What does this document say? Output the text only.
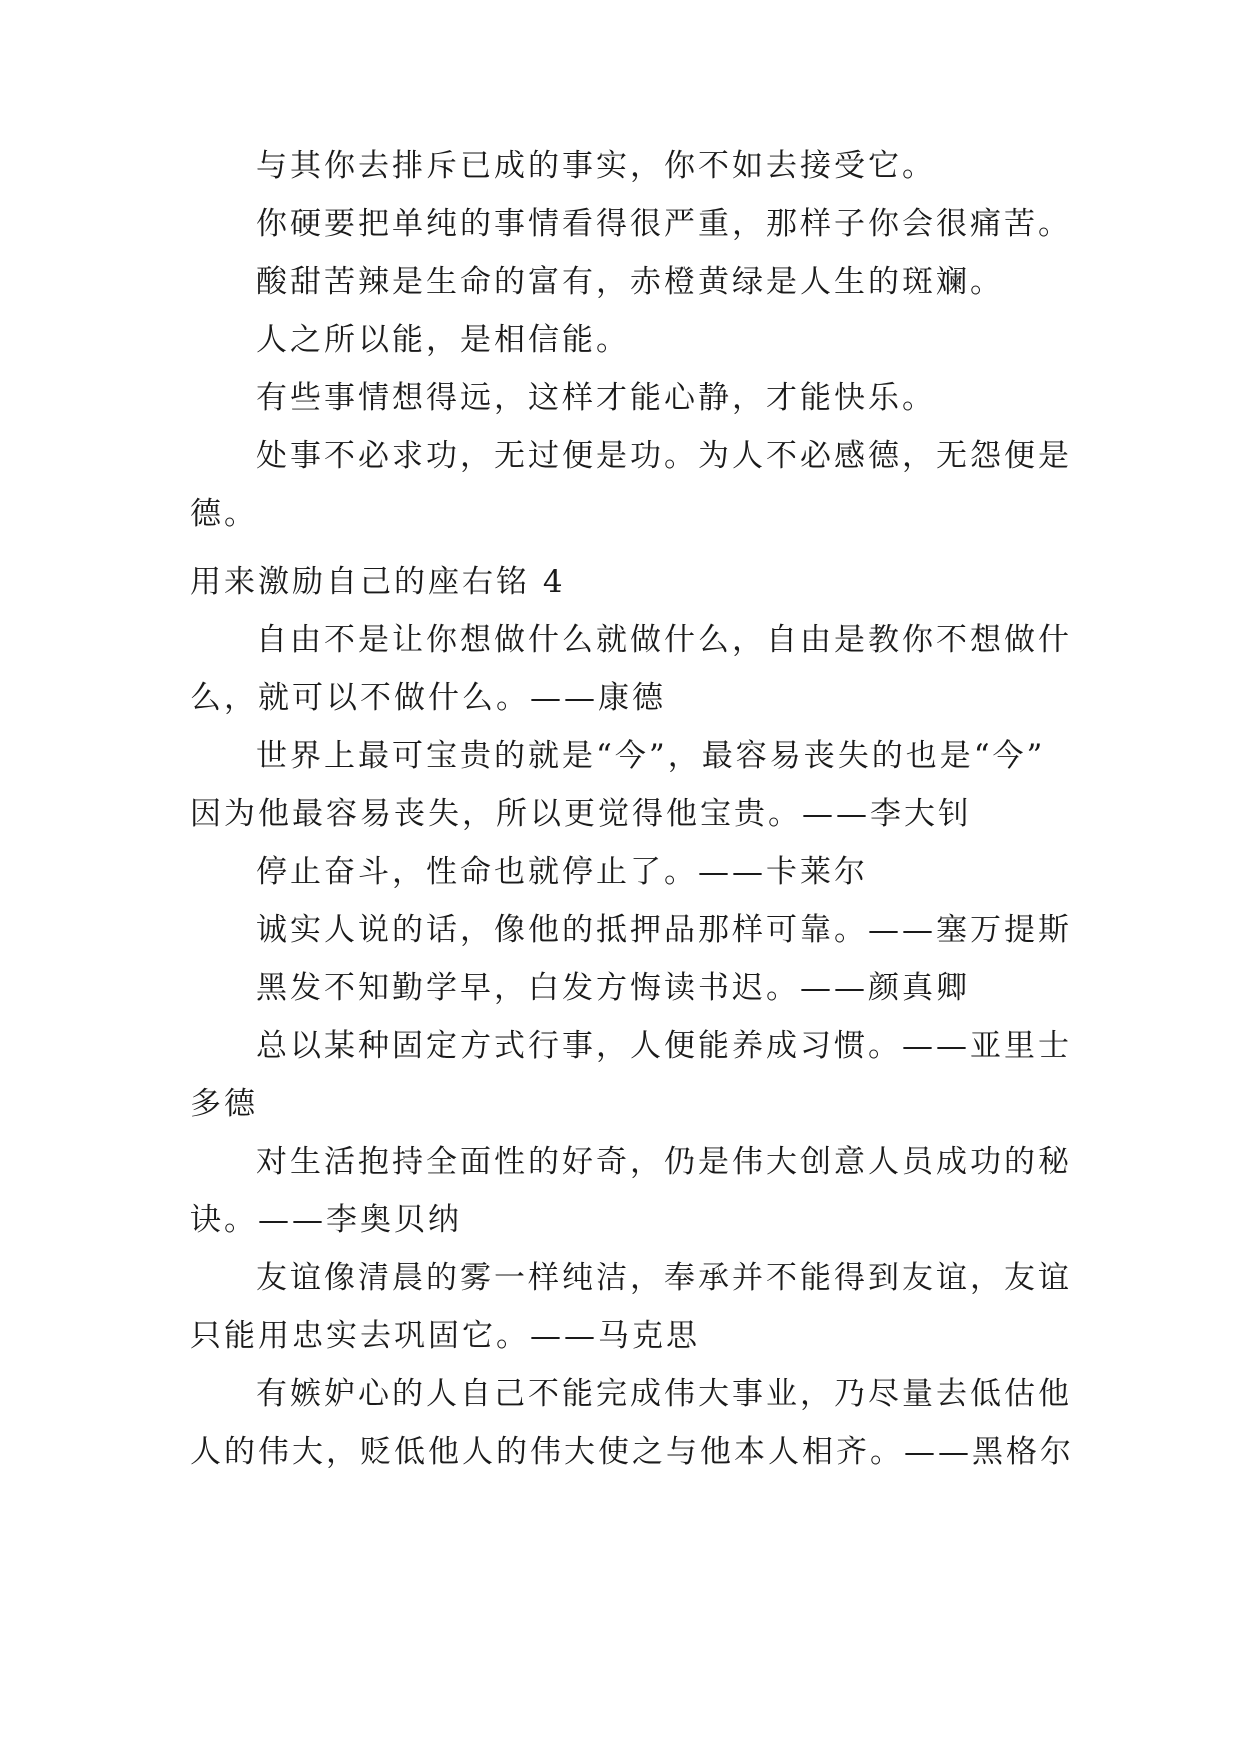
与其你去排斥已成的事实，你不如去接受它。
你硬要把单纯的事情看得很严重，那样子你会很痛苦。
酸甜苦辣是生命的富有，赤橙黄绿是人生的斑斓。
人之所以能，是相信能。
有些事情想得远，这样才能心静，才能快乐。
处事不必求功，无过便是功。为人不必感德，无怨便是
德。
用来激励自己的座右铭 4
自由不是让你想做什么就做什么，自由是教你不想做什
么，就可以不做什么。——康德
世界上最可宝贵的就是“今”，最容易丧失的也是“今”
因为他最容易丧失，所以更觉得他宝贵。——李大钊
停止奋斗，性命也就停止了。——卡莱尔
诚实人说的话，像他的抵押品那样可靠。——塞万提斯
黑发不知勤学早，白发方悔读书迟。——颜真卿
总以某种固定方式行事，人便能养成习惯。——亚里士
多德
对生活抱持全面性的好奇，仍是伟大创意人员成功的秘
诀。——李奥贝纳
友谊像清晨的雾一样纯洁，奉承并不能得到友谊，友谊
只能用忠实去巩固它。——马克思
有嫉妒心的人自己不能完成伟大事业，乃尽量去低估他
人的伟大，贬低他人的伟大使之与他本人相齐。——黑格尔
